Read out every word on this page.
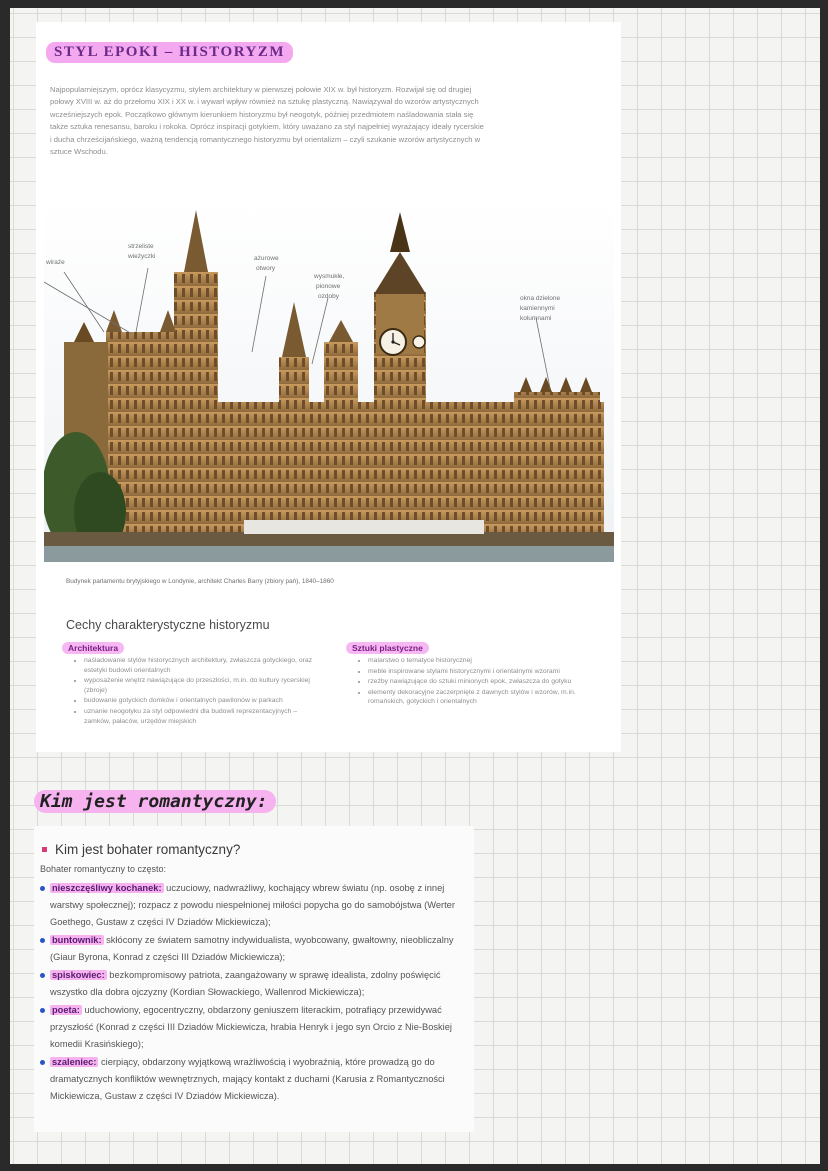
STYL EPOKI – HISTORYZM

Najpopularniejszym, oprócz klasycyzmu, stylem architektury w pierwszej połowie XIX w. był historyzm. Rozwijał się od drugiej połowy XVIII w. aż do przełomu XIX i XX w. i wywarł wpływ również na sztukę plastyczną. Nawiązywał do wzorów artystycznych wcześniejszych epok. Początkowo głównym kierunkiem historyzmu był neogotyk, później przedmiotem naśladowania stała się także sztuka renesansu, baroku i rokoka. Oprócz inspiracji gotykiem, który uważano za styl najpełniej wyrażający ideały rycerskie i ducha chrześcijańskiego, ważną tendencją romantycznego historyzmu był orientalizm – czyli szukanie wzorów artystycznych w sztuce Wschodu.

wiraże
strzeliste
wieżyczki	ażurowe
otwory
wysmukłe,
pionowe
ozdoby	okna dzielone
kamiennymi
kolumnami

Budynek parlamentu brytyjskiego w Londynie, architekt Charles Barry (zbiory pań), 1840–1860

Cechy charakterystyczne historyzmu
Architektura
• naśladowanie stylów historycznych architektury, zwłaszcza gotyckiego, oraz estetyki budowli orientalnych
• wyposażenie wnętrz nawiązujące do przeszłości, m.in. do kultury rycerskiej (zbroje)
• budowanie gotyckich domków i orientalnych pawilonów w parkach
• uznanie neogotyku za styl odpowiedni dla budowli reprezentacyjnych – zamków, pałaców, urzędów miejskich
Sztuki plastyczne
• malarstwo o tematyce historycznej
• meble inspirowane stylami historycznymi i orientalnymi wzorami
• rzeźby nawiązujące do sztuki minionych epok, zwłaszcza do gotyku
• elementy dekoracyjne zaczerpnięte z dawnych stylów i wzorów, m.in. romańskich, gotyckich i orientalnych
Kim jest romantyczny:
Kim jest bohater romantyczny?

Bohater romantyczny to często:

nieszczęśliwy kochanek: uczuciowy, nadwrażliwy, kochający wbrew światu (np. osobę z innej warstwy społecznej); rozpacz z powodu niespełnionej miłości popycha go do samobójstwa (Werter Goethego, Gustaw z części IV Dziadów Mickiewicza);
buntownik: skłócony ze światem samotny indywidualista, wyobcowany, gwałtowny, nieobliczalny (Giaur Byrona, Konrad z części III Dziadów Mickiewicza);
spiskowiec: bezkompromisowy patriota, zaangażowany w sprawę idealista, zdolny poświęcić wszystko dla dobra ojczyzny (Kordian Słowackiego, Wallenrod Mickiewicza);
poeta: uduchowiony, egocentryczny, obdarzony geniuszem literackim, potrafiący przewidywać przyszłość (Konrad z części III Dziadów Mickiewicza, hrabia Henryk i jego syn Orcio z Nie-Boskiej komedii Krasińskiego);
szaleniec: cierpiący, obdarzony wyjątkową wrażliwością i wyobraźnią, które prowadzą go do dramatycznych konfliktów wewnętrznych, mający kontakt z duchami (Karusia z Romantyczności Mickiewicza, Gustaw z części IV Dziadów Mickiewicza).
